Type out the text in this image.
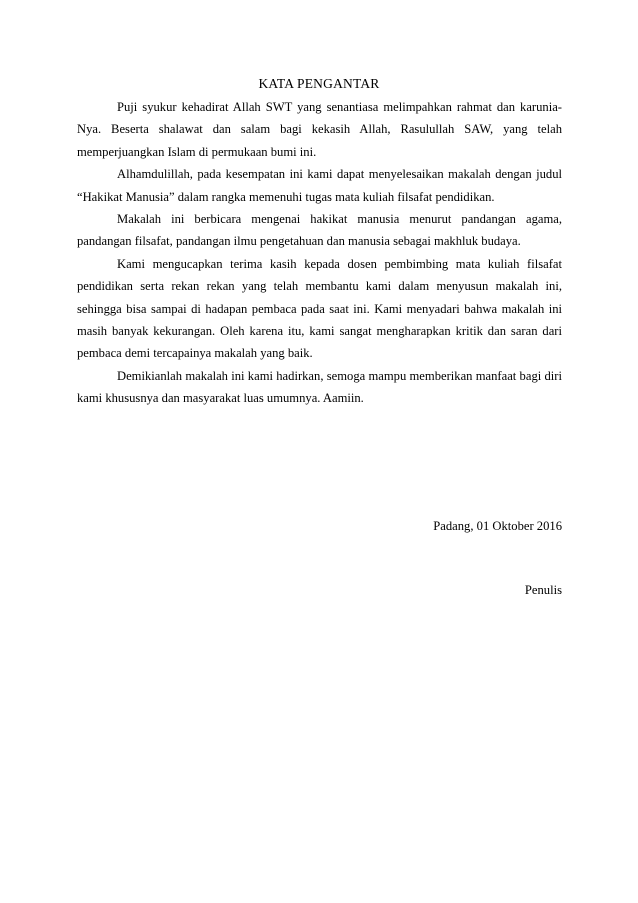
KATA PENGANTAR

Puji syukur kehadirat Allah SWT yang senantiasa melimpahkan rahmat dan karunia-Nya. Beserta shalawat dan salam bagi kekasih Allah, Rasulullah SAW, yang telah memperjuangkan Islam di permukaan bumi ini.

Alhamdulillah, pada kesempatan ini kami dapat menyelesaikan makalah dengan judul “Hakikat Manusia” dalam rangka memenuhi tugas mata kuliah filsafat pendidikan.

Makalah ini berbicara mengenai hakikat manusia menurut pandangan agama, pandangan filsafat, pandangan ilmu pengetahuan dan manusia sebagai makhluk budaya.

Kami mengucapkan terima kasih kepada dosen pembimbing mata kuliah filsafat pendidikan serta rekan rekan yang telah membantu kami dalam menyusun makalah ini, sehingga bisa sampai di hadapan pembaca pada saat ini. Kami menyadari bahwa makalah ini masih banyak kekurangan. Oleh karena itu, kami sangat mengharapkan kritik dan saran dari pembaca demi tercapainya makalah yang baik.

Demikianlah makalah ini kami hadirkan, semoga mampu memberikan manfaat bagi diri kami khususnya dan masyarakat luas umumnya. Aamiin.

Padang, 01 Oktober 2016
Penulis
